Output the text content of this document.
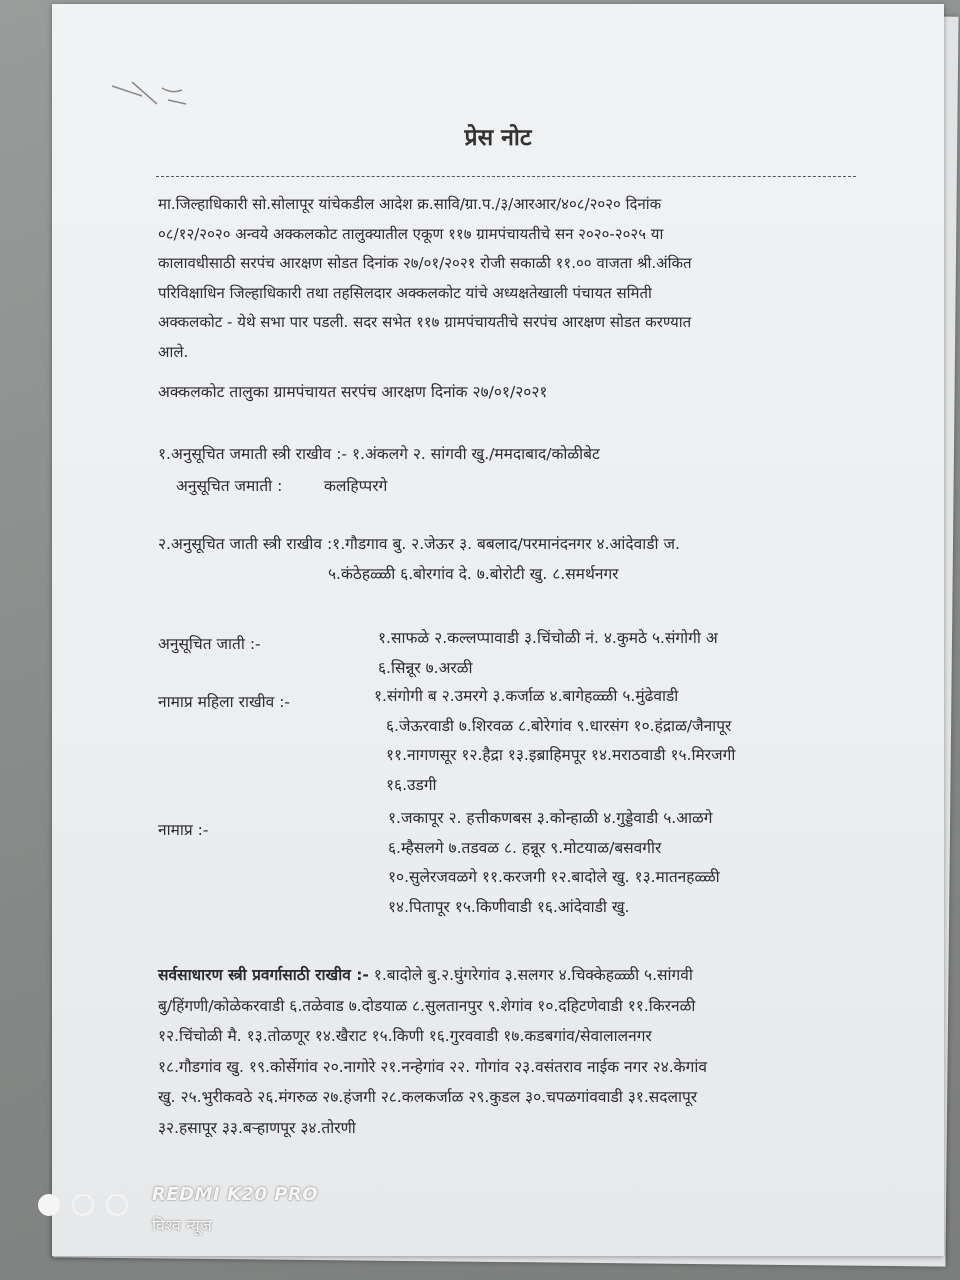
प्रेस नोट
मा.जिल्हाधिकारी सो.सोलापूर यांचेकडील आदेश क्र.सावि/ग्रा.प./३/आरआर/४०८/२०२० दिनांक
०८/१२/२०२० अन्वये अक्कलकोट तालुक्यातील एकूण ११७ ग्रामपंचायतीचे सन २०२०-२०२५ या
कालावधीसाठी सरपंच आरक्षण सोडत दिनांक २७/०१/२०२१ रोजी सकाळी ११.०० वाजता श्री.अंकित
परिविक्षाधिन जिल्हाधिकारी तथा तहसिलदार अक्कलकोट यांचे अध्यक्षतेखाली पंचायत समिती
अक्कलकोट - येथे सभा पार पडली. सदर सभेत ११७ ग्रामपंचायतीचे सरपंच आरक्षण सोडत करण्यात
आले.
अक्कलकोट तालुका ग्रामपंचायत सरपंच आरक्षण दिनांक २७/०१/२०२१
१.अनुसूचित जमाती स्त्री राखीव :- १.अंकलगे २. सांगवी खु./ममदाबाद/कोळीबेट
अनुसूचित जमाती :	कलहिप्परगे
२.अनुसूचित जाती स्त्री राखीव :१.गौडगाव बु. २.जेऊर ३. बबलाद/परमानंदनगर ४.आंदेवाडी ज.
५.कंठेहळ्ळी ६.बोरगांव दे. ७.बोरोटी खु. ८.समर्थनगर
अनुसूचित जाती :-	१.साफळे २.कल्लप्पावाडी ३.चिंचोळी नं. ४.कुमठे ५.संगोगी अ
६.सिन्नूर ७.अरळी
नामाप्र महिला राखीव :-	१.संगोगी ब २.उमरगे ३.कर्जाळ ४.बागेहळ्ळी ५.मुंढेवाडी
६.जेऊरवाडी ७.शिरवळ ८.बोरेगांव ९.धारसंग १०.हंद्राळ/जैनापूर
११.नागणसूर १२.हैद्रा १३.इब्राहिमपूर १४.मराठवाडी १५.मिरजगी
१६.उडगी
नामाप्र :-
१.जकापूर २. हत्तीकणबस ३.कोन्हाळी ४.गुड्डेवाडी ५.आळगे
६.म्हैसलगे ७.तडवळ ८. हन्नूर ९.मोटयाळ/बसवगीर
१०.सुलेरजवळगे ११.करजगी १२.बादोले खु. १३.मातनहळ्ळी
१४.पितापूर १५.किणीवाडी १६.आंदेवाडी खु.
सर्वसाधारण स्त्री प्रवर्गासाठी राखीव :- १.बादोले बु.२.घुंगरेगांव ३.सलगर ४.चिक्केहळ्ळी ५.सांगवी
बु/हिंगणी/कोळेकरवाडी ६.तळेवाड ७.दोडयाळ ८.सुलतानपुर ९.शेगांव १०.दहिटणेवाडी ११.किरनळी
१२.चिंचोळी मै. १३.तोळणूर १४.खैराट १५.किणी १६.गुरववाडी १७.कडबगांव/सेवालालनगर
१८.गौडगांव खु. १९.कोर्सेगांव २०.नागोरे २१.नन्हेगांव २२. गोगांव २३.वसंतराव नाईक नगर २४.केगांव
खु. २५.भुरीकवठे २६.मंगरुळ २७.हंजगी २८.कलकर्जाळ २९.कुडल ३०.चपळगांववाडी ३१.सदलापूर
३२.हसापूर ३३.बऱ्हाणपूर ३४.तोरणी
REDMI K20 PRO
विश्व न्यूज
